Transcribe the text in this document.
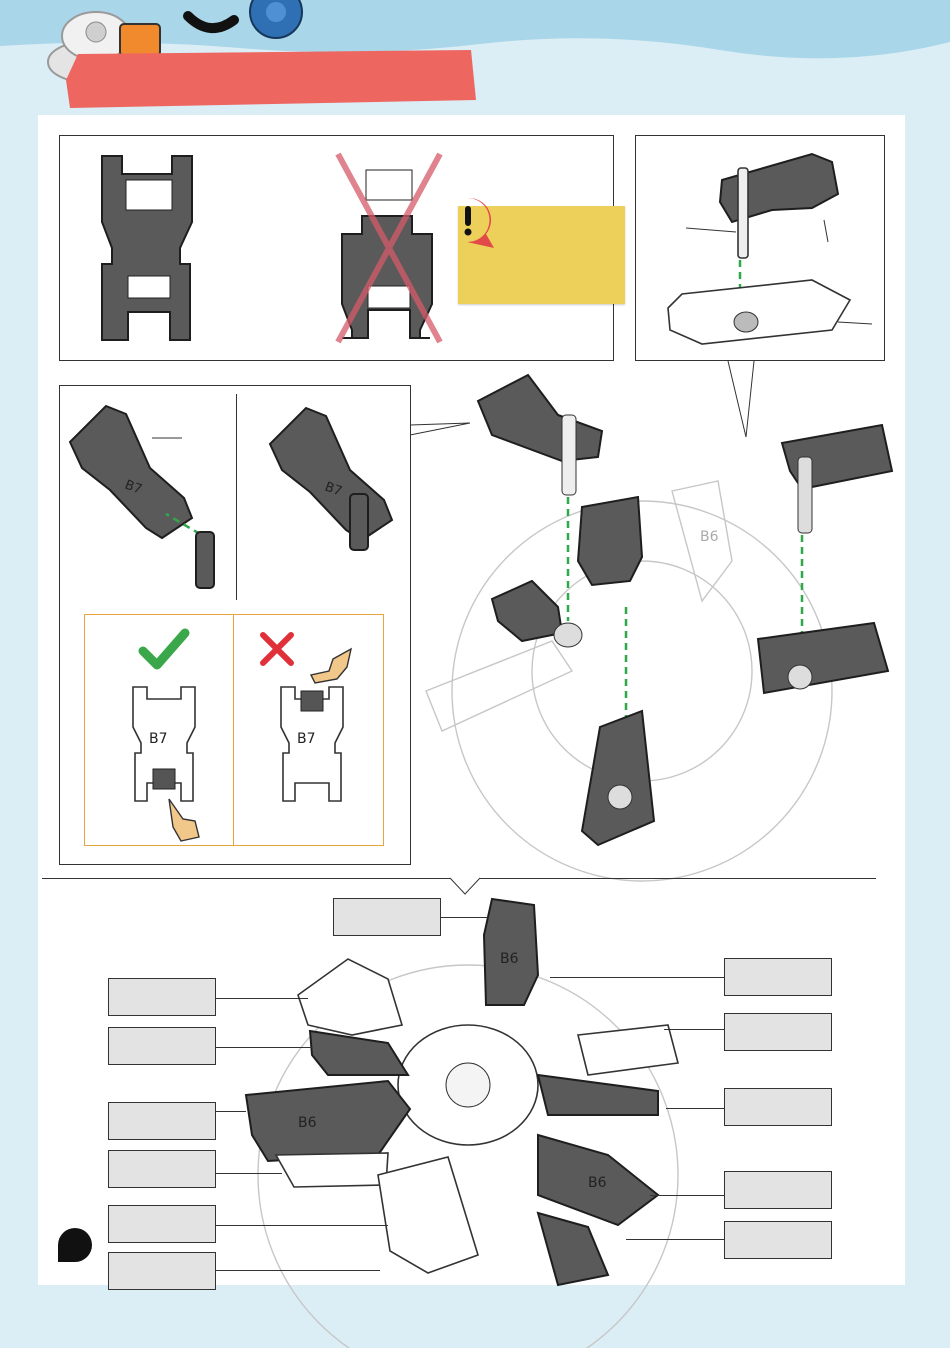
B7	B7
B7	B7
B6
B6
B6
B6
